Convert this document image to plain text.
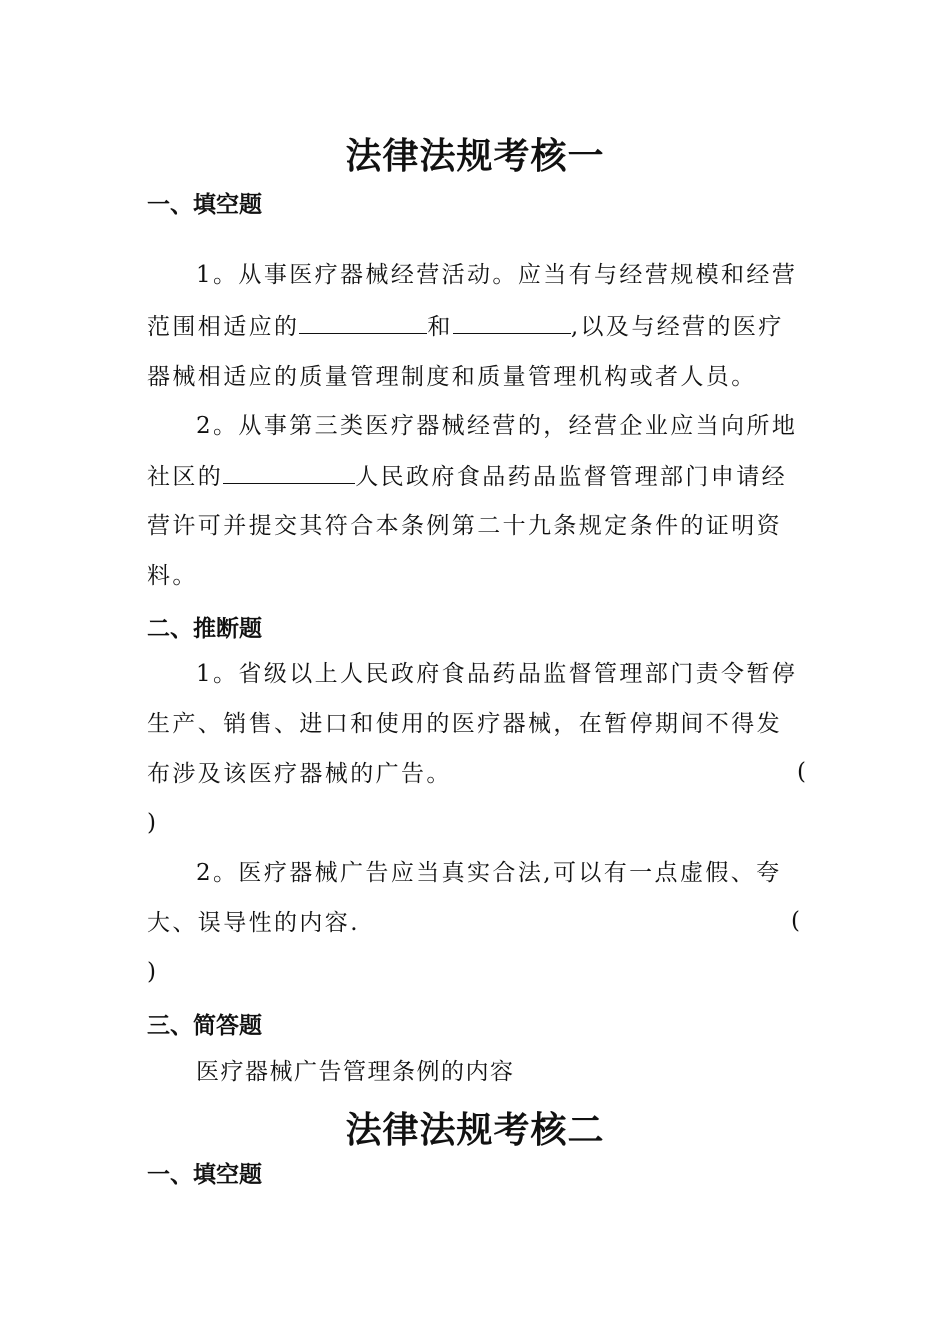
法律法规考核一
一、填空题
1。从事医疗器械经营活动。应当有与经营规模和经营
范围相适应的	和	,以及与经营的医疗
器械相适应的质量管理制度和质量管理机构或者人员。
2。从事第三类医疗器械经营的，经营企业应当向所地
社区的	人民政府食品药品监督管理部门申请经
营许可并提交其符合本条例第二十九条规定条件的证明资
料。
二、推断题
1。省级以上人民政府食品药品监督管理部门责令暂停
生产、销售、进口和使用的医疗器械，在暂停期间不得发
布涉及该医疗器械的广告。	(
)
2。医疗器械广告应当真实合法,可以有一点虚假、夸
大、误导性的内容.	(
)
三、简答题
医疗器械广告管理条例的内容
法律法规考核二
一、填空题
